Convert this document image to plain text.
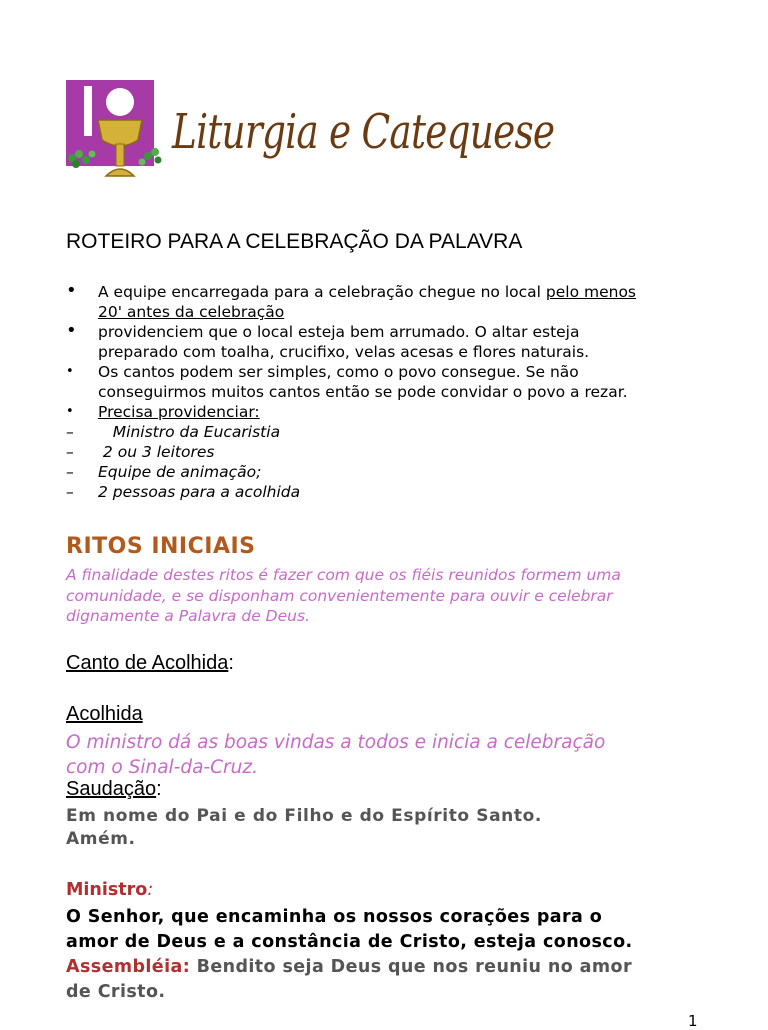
Liturgia e Catequese
ROTEIRO PARA A CELEBRAÇÃO DA PALAVRA
•	A equipe encarregada para a celebração chegue no local pelo menos
20' antes da celebração
•	providenciem que o local esteja bem arrumado. O altar esteja
preparado com toalha, crucifixo, velas acesas e flores naturais.
•	Os cantos podem ser simples, como o povo consegue. Se não
conseguirmos muitos cantos então se pode convidar o povo a rezar.
•	Precisa providenciar:
–	Ministro da Eucaristia
–	2 ou 3 leitores
–	Equipe de animação;
–	2 pessoas para a acolhida
RITOS INICIAIS
A finalidade destes ritos é fazer com que os fiéis reunidos formem uma
comunidade, e se disponham convenientemente para ouvir e celebrar
dignamente a Palavra de Deus.
Canto de Acolhida:
Acolhida
O ministro dá as boas vindas a todos e inicia a celebração
com o Sinal-da-Cruz.
Saudação:
Em nome do Pai e do Filho e do Espírito Santo.
Amém.
Ministro:
O Senhor, que encaminha os nossos corações para o
amor de Deus e a constância de Cristo, esteja conosco.
Assembléia: Bendito seja Deus que nos reuniu no amor
de Cristo.
1
